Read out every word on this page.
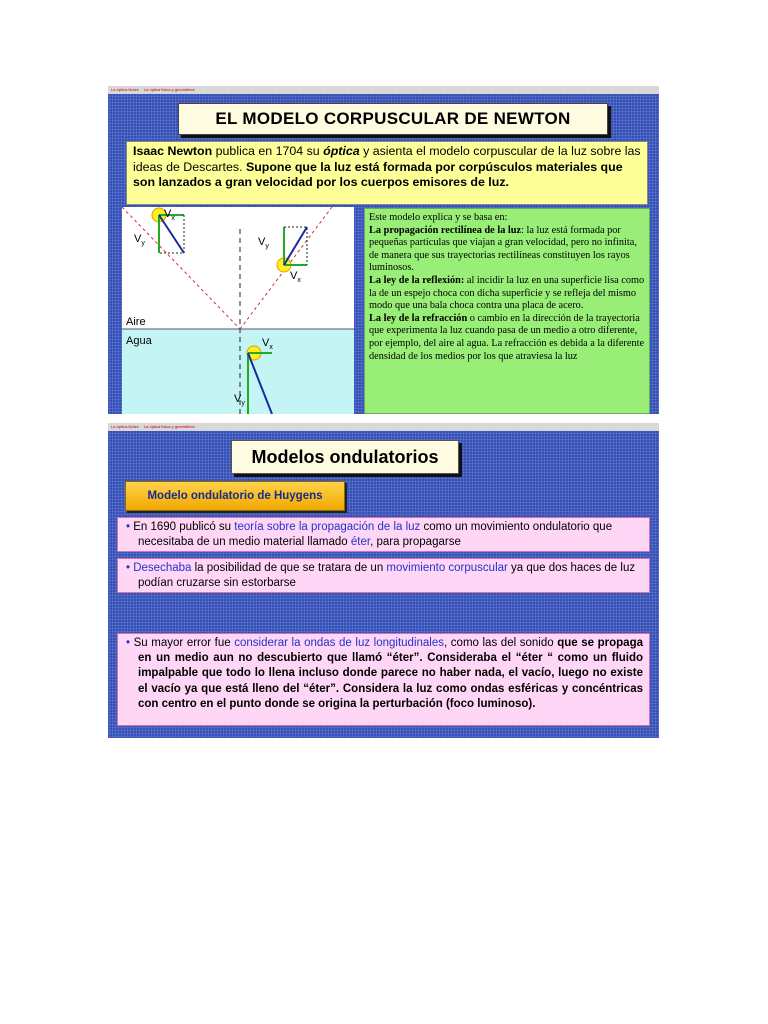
La óptica.Notes La óptica física y geométrica
EL MODELO CORPUSCULAR DE NEWTON
Isaac Newton publica en 1704 su óptica y asienta el modelo corpuscular de la luz sobre las ideas de Descartes. Supone que la luz está formada por corpúsculos materiales que son lanzados a gran velocidad por los cuerpos emisores de luz.
$V_x$
$V_y$	$V_y$
$V_x$
$V_x$
$V_y$
Aire
Agua

Este modelo explica y se basa en:

La propagación rectilínea de la luz: la luz está formada por pequeñas partículas que viajan a gran velocidad, pero no infinita, de manera que sus trayectorias rectilíneas constituyen los rayos luminosos.

La ley de la reflexión: al incidir la luz en una superficie lisa como la de un espejo choca con dicha superficie y se refleja del mismo modo que una bala choca contra una placa de acero.

La ley de la refracción o cambio en la dirección de la trayectoria que experimenta la luz cuando pasa de un medio a otro diferente, por ejemplo, del aire al agua. La refracción es debida a la diferente densidad de los medios por los que atraviesa la luz

La óptica.Notes La óptica física y geométrica
Modelos ondulatorios
Modelo ondulatorio de Huygens
• En 1690 publicó su teoría sobre la propagación de la luz como un movimiento ondulatorio que necesitaba de un medio material llamado éter, para propagarse
• Desechaba la posibilidad de que se tratara de un movimiento corpuscular ya que dos haces de luz podían cruzarse sin estorbarse
• Su mayor error fue considerar la ondas de luz longitudinales, como las del sonido que se propaga en un medio aun no descubierto que llamó “éter”. Consideraba el “éter “ como un fluido impalpable que todo lo llena incluso donde parece no haber nada, el vacío, luego no existe el vacío ya que está lleno del “éter”. Considera la luz como ondas esféricas y concéntricas con centro en el punto donde se origina la perturbación (foco luminoso).
